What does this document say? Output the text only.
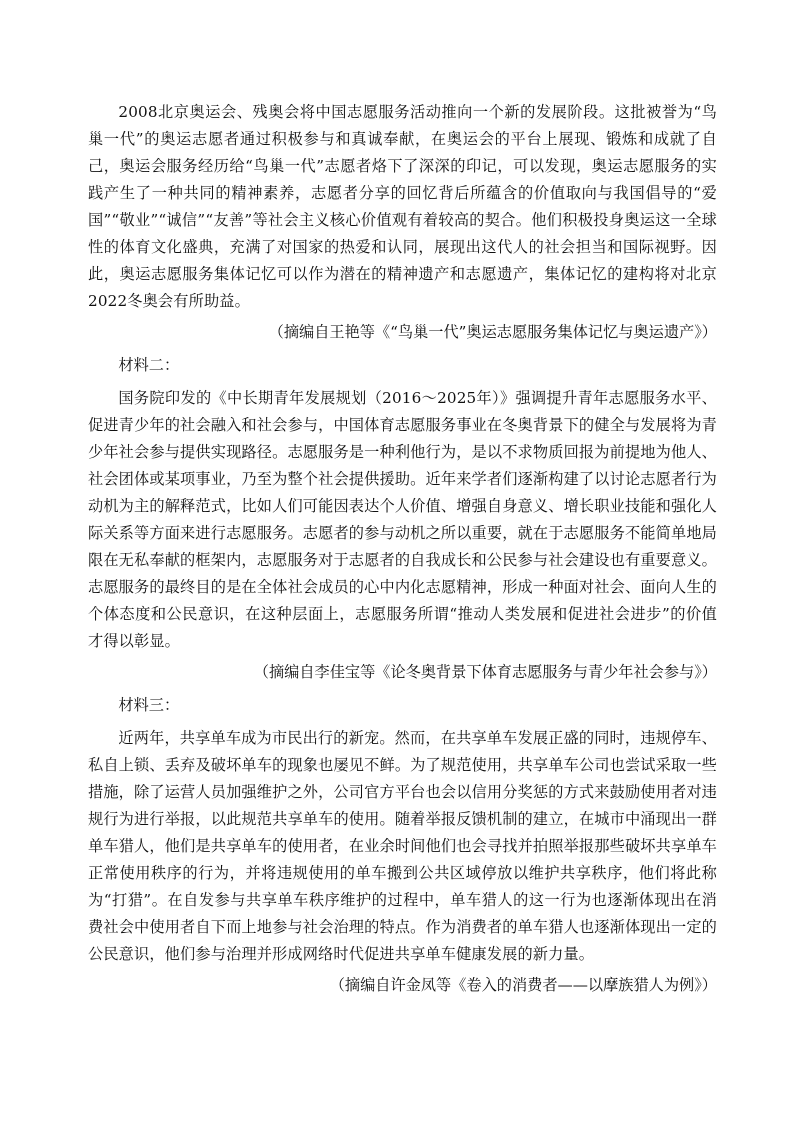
2008北京奥运会、残奥会将中国志愿服务活动推向一个新的发展阶段。这批被誉为“鸟巢一代”的奥运志愿者通过积极参与和真诚奉献，在奥运会的平台上展现、锻炼和成就了自己，奥运会服务经历给“鸟巢一代”志愿者烙下了深深的印记，可以发现，奥运志愿服务的实践产生了一种共同的精神素养，志愿者分享的回忆背后所蕴含的价值取向与我国倡导的“爱国”“敬业”“诚信”“友善”等社会主义核心价值观有着较高的契合。他们积极投身奥运这一全球性的体育文化盛典，充满了对国家的热爱和认同，展现出这代人的社会担当和国际视野。因此，奥运志愿服务集体记忆可以作为潜在的精神遗产和志愿遗产，集体记忆的建构将对北京2022冬奥会有所助益。

（摘编自王艳等《“鸟巢一代”奥运志愿服务集体记忆与奥运遗产》）

材料二：

国务院印发的《中长期青年发展规划（2016～2025年）》强调提升青年志愿服务水平、促进青少年的社会融入和社会参与，中国体育志愿服务事业在冬奥背景下的健全与发展将为青少年社会参与提供实现路径。志愿服务是一种利他行为，是以不求物质回报为前提地为他人、社会团体或某项事业，乃至为整个社会提供援助。近年来学者们逐渐构建了以讨论志愿者行为动机为主的解释范式，比如人们可能因表达个人价值、增强自身意义、增长职业技能和强化人际关系等方面来进行志愿服务。志愿者的参与动机之所以重要，就在于志愿服务不能简单地局限在无私奉献的框架内，志愿服务对于志愿者的自我成长和公民参与社会建设也有重要意义。志愿服务的最终目的是在全体社会成员的心中内化志愿精神，形成一种面对社会、面向人生的个体态度和公民意识，在这种层面上，志愿服务所谓“推动人类发展和促进社会进步”的价值才得以彰显。

（摘编自李佳宝等《论冬奥背景下体育志愿服务与青少年社会参与》）

材料三：

近两年，共享单车成为市民出行的新宠。然而，在共享单车发展正盛的同时，违规停车、私自上锁、丢弃及破坏单车的现象也屡见不鲜。为了规范使用，共享单车公司也尝试采取一些措施，除了运营人员加强维护之外，公司官方平台也会以信用分奖惩的方式来鼓励使用者对违规行为进行举报，以此规范共享单车的使用。随着举报反馈机制的建立，在城市中涌现出一群单车猎人，他们是共享单车的使用者，在业余时间他们也会寻找并拍照举报那些破坏共享单车正常使用秩序的行为，并将违规使用的单车搬到公共区域停放以维护共享秩序，他们将此称为“打猎”。在自发参与共享单车秩序维护的过程中，单车猎人的这一行为也逐渐体现出在消费社会中使用者自下而上地参与社会治理的特点。作为消费者的单车猎人也逐渐体现出一定的公民意识，他们参与治理并形成网络时代促进共享单车健康发展的新力量。

（摘编自许金凤等《卷入的消费者——以摩族猎人为例》）
